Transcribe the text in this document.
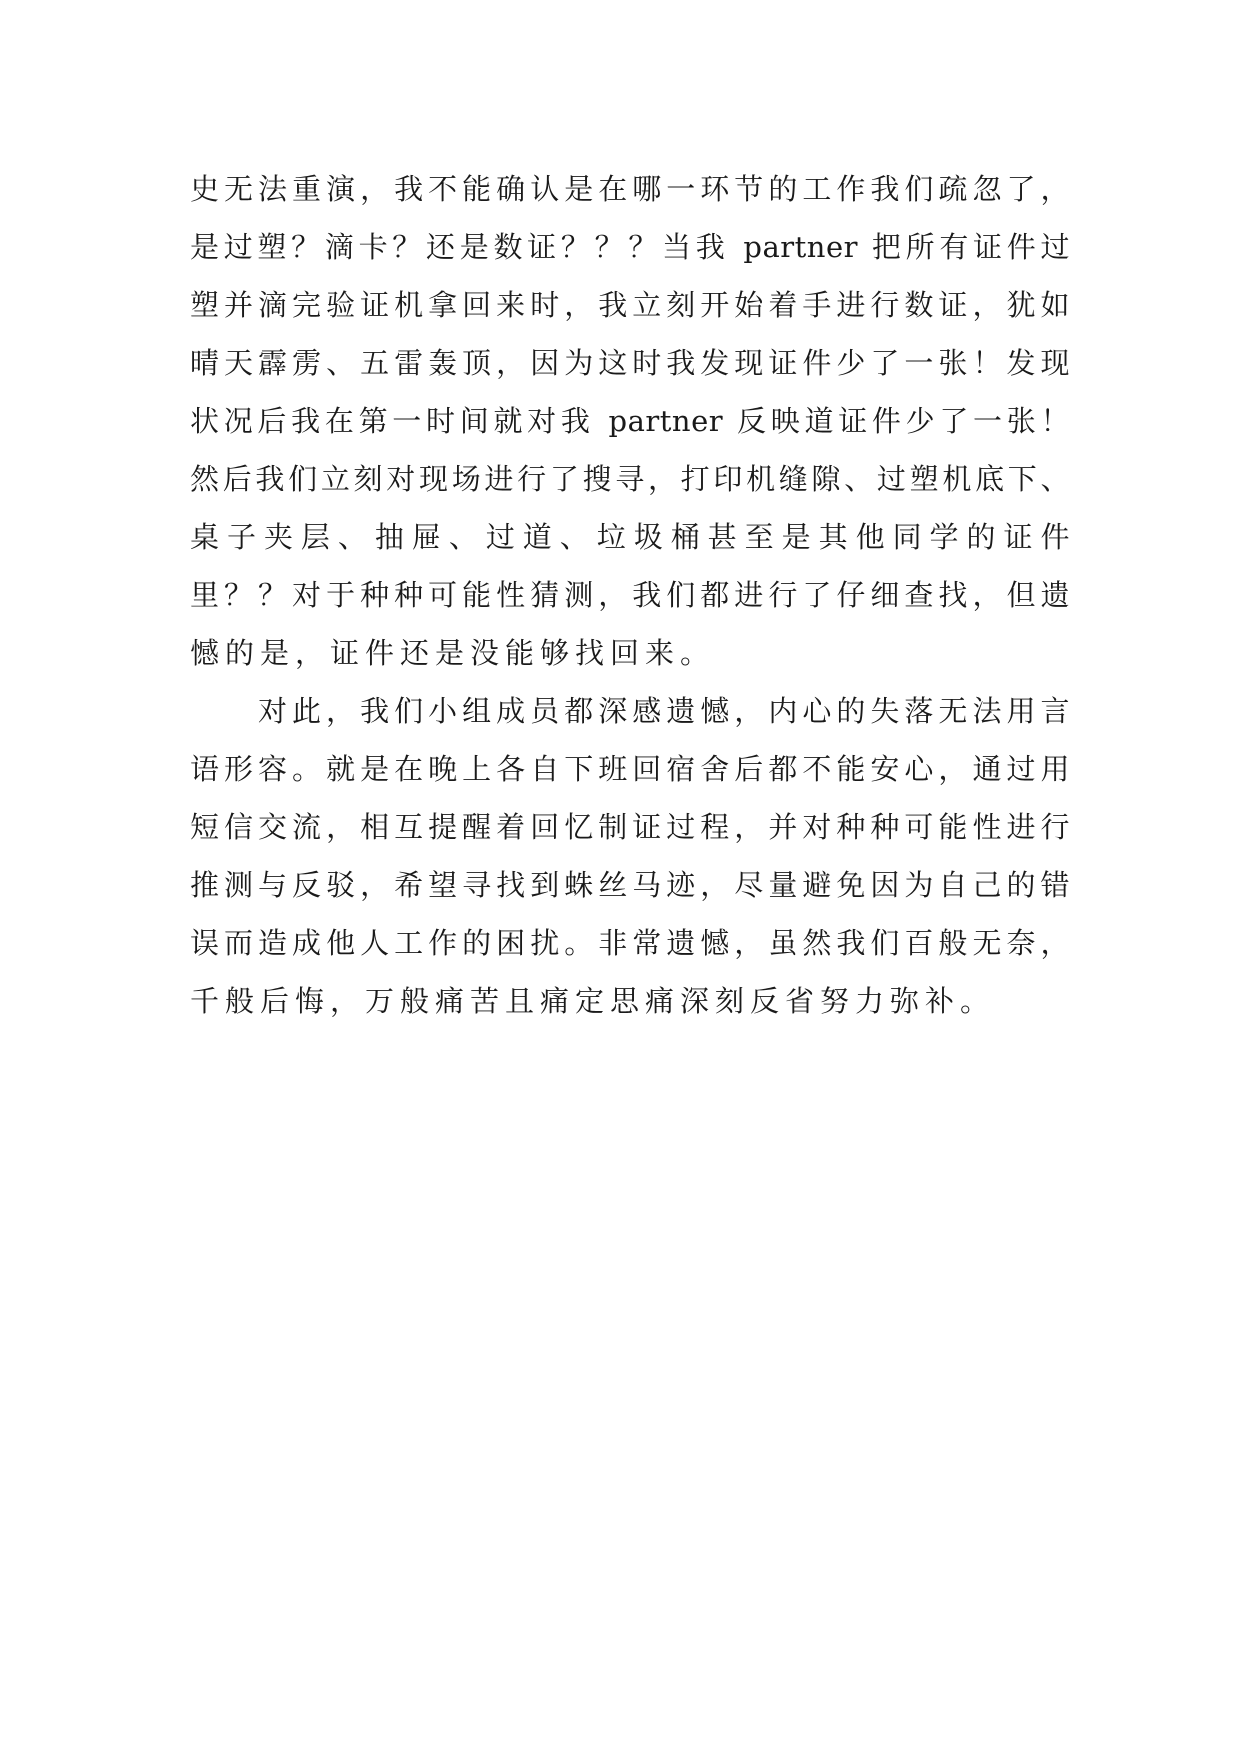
史无法重演，我不能确认是在哪一环节的工作我们疏忽了，
是过塑？滴卡？还是数证？？？当我 partner 把所有证件过
塑并滴完验证机拿回来时，我立刻开始着手进行数证，犹如
晴天霹雳、五雷轰顶，因为这时我发现证件少了一张！发现
状况后我在第一时间就对我 partner 反映道证件少了一张！
然后我们立刻对现场进行了搜寻，打印机缝隙、过塑机底下、
桌子夹层、抽屉、过道、垃圾桶甚至是其他同学的证件
里？？对于种种可能性猜测，我们都进行了仔细查找，但遗
憾的是，证件还是没能够找回来。
对此，我们小组成员都深感遗憾，内心的失落无法用言
语形容。就是在晚上各自下班回宿舍后都不能安心，通过用
短信交流，相互提醒着回忆制证过程，并对种种可能性进行
推测与反驳，希望寻找到蛛丝马迹，尽量避免因为自己的错
误而造成他人工作的困扰。非常遗憾，虽然我们百般无奈，
千般后悔，万般痛苦且痛定思痛深刻反省努力弥补。
